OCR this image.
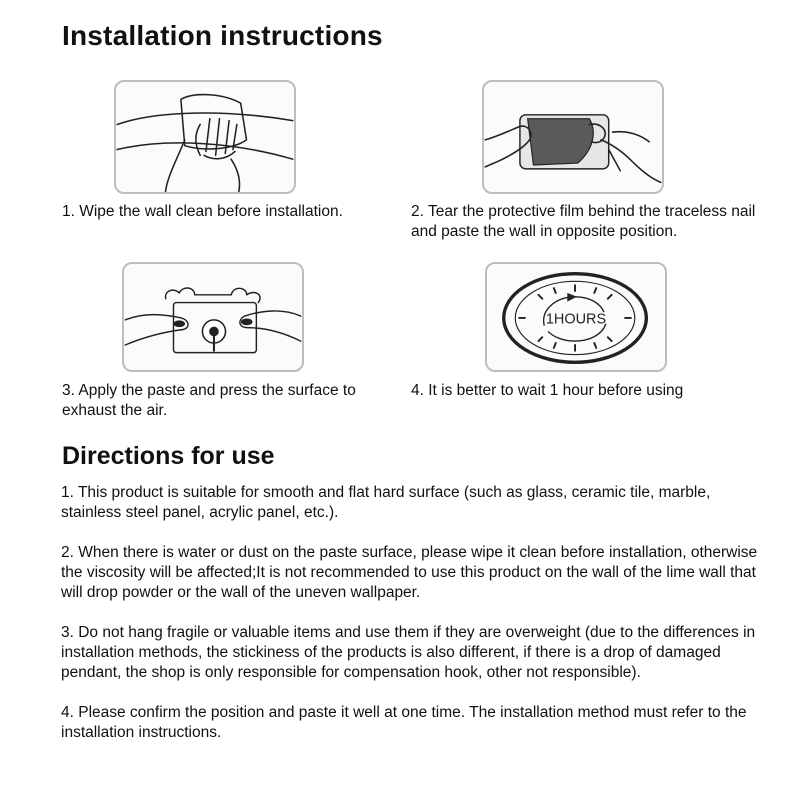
Installation instructions
1. Wipe the wall clean before installation.	2. Tear the protective film behind the traceless nail and paste the wall in opposite position.
3. Apply the paste and press the surface to exhaust the air.
1HOURS
4. It is better to wait 1 hour before using
Directions for use

1. This product is suitable for smooth and flat hard surface (such as glass, ceramic tile, marble, stainless steel panel, acrylic panel, etc.).

2. When there is water or dust on the paste surface, please wipe it clean before installation, otherwise the viscosity will be affected;It is not recommended to use this product on the wall of the lime wall that will drop powder or the wall of the uneven wallpaper.

3. Do not hang fragile or valuable items and use them if they are overweight (due to the differences in installation methods, the stickiness of the products is also different, if there is a drop of damaged pendant, the shop is only responsible for compensation hook, other not responsible).

4. Please confirm the position and paste it well at one time. The installation method must refer to the installation instructions.
